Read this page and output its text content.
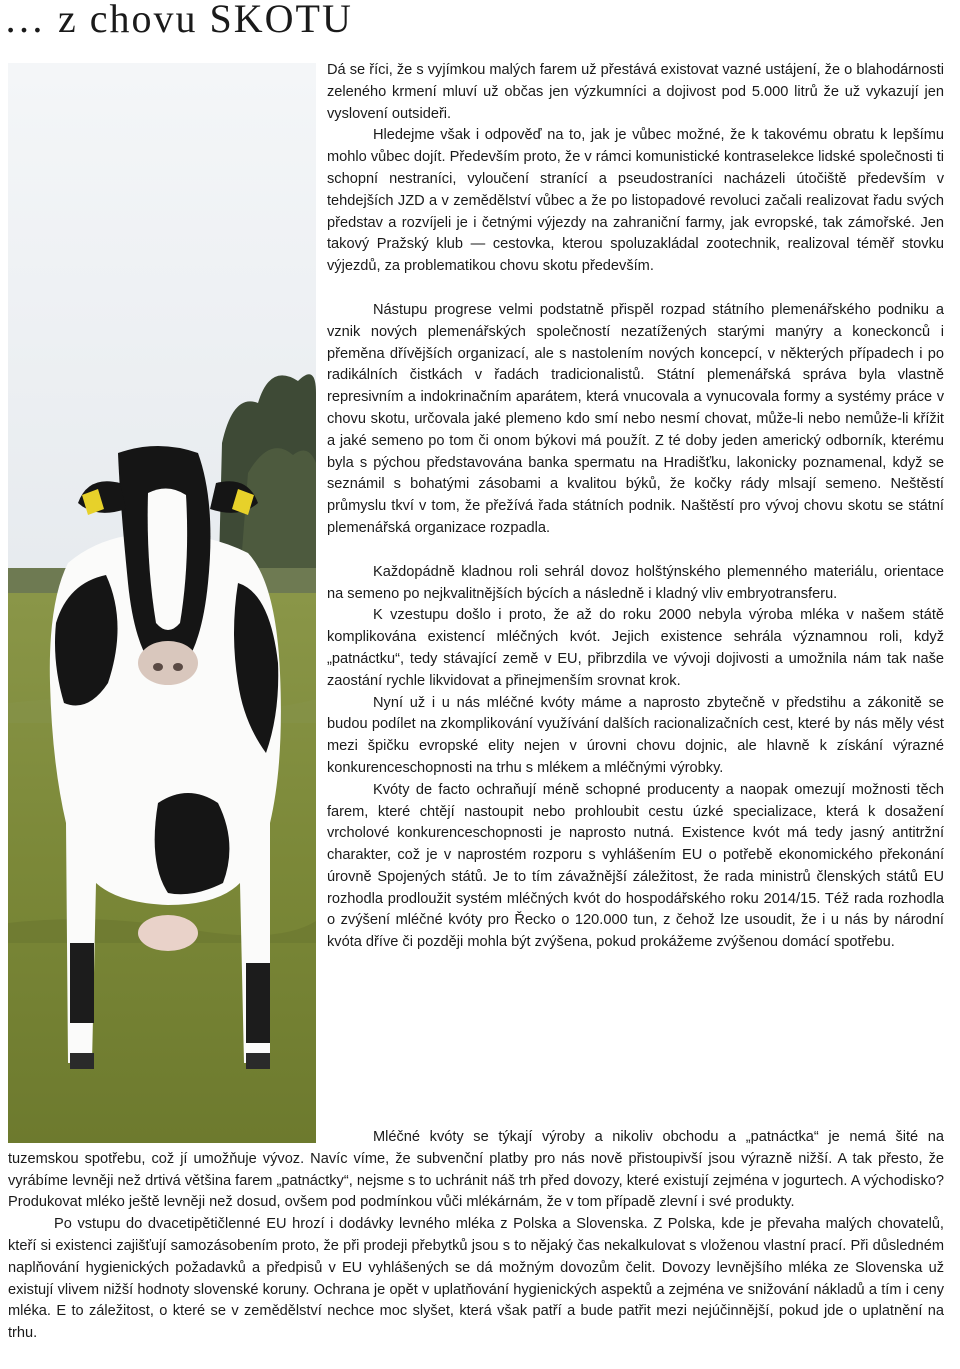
… z chovu SKOTU

Dá se říci, že s vyjímkou malých farem už přestává existovat vazné ustájení, že o blahodárnosti zeleného krmení mluví už občas jen výzkumníci a dojivost pod 5.000 litrů že už vykazují jen vyslovení outsideři.

Hledejme však i odpověď na to, jak je vůbec možné, že k takovému obratu k lepšímu mohlo vůbec dojít. Především proto, že v rámci komunistické kontraselekce lidské společnosti ti schopní nestraníci, vyloučení stranící a pseudostraníci nacházeli útočiště především v tehdejších JZD a v zemědělství vůbec a že po listopadové revoluci začali realizovat řadu svých představ a rozvíjeli je i četnými výjezdy na zahraniční farmy, jak evropské, tak zámořské. Jen takový Pražský klub — cestovka, kterou spoluzakládal zootechnik, realizoval téměř stovku výjezdů, za problematikou chovu skotu především.

Nástupu progrese velmi podstatně přispěl rozpad státního plemenářského podniku a vznik nových plemenářských společností nezatížených starými manýry a koneckonců i přeměna dřívějších organizací, ale s nastolením nových koncepcí, v některých případech i po radikálních čistkách v řadách tradicionalistů. Státní plemenářská správa byla vlastně represivním a indokrinačním aparátem, která vnucovala a vynucovala formy a systémy práce v chovu skotu, určovala jaké plemeno kdo smí nebo nesmí chovat, může-li nebo nemůže-li křížit a jaké semeno po tom či onom býkovi má použít. Z té doby jeden americký odborník, kterému byla s pýchou představována banka spermatu na Hradišťku, lakonicky poznamenal, když se seznámil s bohatými zásobami a kvalitou býků, že kočky rády mlsají semeno. Neštěstí průmyslu tkví v tom, že přežívá řada státních podnik. Naštěstí pro vývoj chovu skotu se státní plemenářská organizace rozpadla.

Každopádně kladnou roli sehrál dovoz holštýnského plemenného materiálu, orientace na semeno po nejkvalitnějších býcích a následně i kladný vliv embryotransferu.

K vzestupu došlo i proto, že až do roku 2000 nebyla výroba mléka v našem státě komplikována existencí mléčných kvót. Jejich existence sehrála významnou roli, když „patnáctku“, tedy stávající země v EU, přibrzdila ve vývoji dojivosti a umožnila nám tak naše zaostání rychle likvidovat a přinejmenším srovnat krok.

Nyní už i u nás mléčné kvóty máme a naprosto zbytečně v předstihu a zákonitě se budou podílet na zkomplikování využívání dalších racionalizačních cest, které by nás měly vést mezi špičku evropské elity nejen v úrovni chovu dojnic, ale hlavně k získání výrazné konkurenceschopnosti na trhu s mlékem a mléčnými výrobky.

Kvóty de facto ochraňují méně schopné producenty a naopak omezují možnosti těch farem, které chtějí nastoupit nebo prohloubit cestu úzké specializace, která k dosažení vrcholové konkurenceschopnosti je naprosto nutná. Existence kvót má tedy jasný antitržní charakter, což je v naprostém rozporu s vyhlášením EU o potřebě ekonomického překonání úrovně Spojených států. Je to tím závažnější záležitost, že rada ministrů členských států EU rozhodla prodloužit systém mléčných kvót do hospodářského roku 2014/15. Též rada rozhodla o zvýšení mléčné kvóty pro Řecko o 120.000 tun, z čehož lze usoudit, že i u nás by národní kvóta dříve či později mohla být zvýšena, pokud prokážeme zvýšenou domácí spotřebu.

Mléčné kvóty se týkají výroby a nikoliv obchodu a „patnáctka“ je nemá šité na tuzemskou spotřebu, což jí umožňuje vývoz. Navíc víme, že subvenční platby pro nás nově přistoupivší jsou výrazně nižší. A tak přesto, že vyrábíme levněji než drtivá většina farem „patnáctky“, nejsme s to uchránit náš trh před dovozy, které existují zejména v jogurtech. A východisko? Produkovat mléko ještě levněji než dosud, ovšem pod podmínkou vůči mlékárnám, že v tom případě zlevní i své produkty.

Po vstupu do dvacetipětičlenné EU hrozí i dodávky levného mléka z Polska a Slovenska. Z Polska, kde je převaha malých chovatelů, kteří si existenci zajišťují samozásobením proto, že při prodeji přebytků jsou s to nějaký čas nekalkulovat s vloženou vlastní prací. Při důsledném naplňování hygienických požadavků a předpisů v EU vyhlášených se dá možným dovozům čelit. Dovozy levnějšího mléka ze Slovenska už existují vlivem nižší hodnoty slovenské koruny. Ochrana je opět v uplatňování hygienických aspektů a zejména ve snižování nákladů a tím i ceny mléka. E to záležitost, o které se v zemědělství nechce moc slyšet, která však patří a bude patřit mezi nejúčinnější, pokud jde o uplatnění na trhu.
